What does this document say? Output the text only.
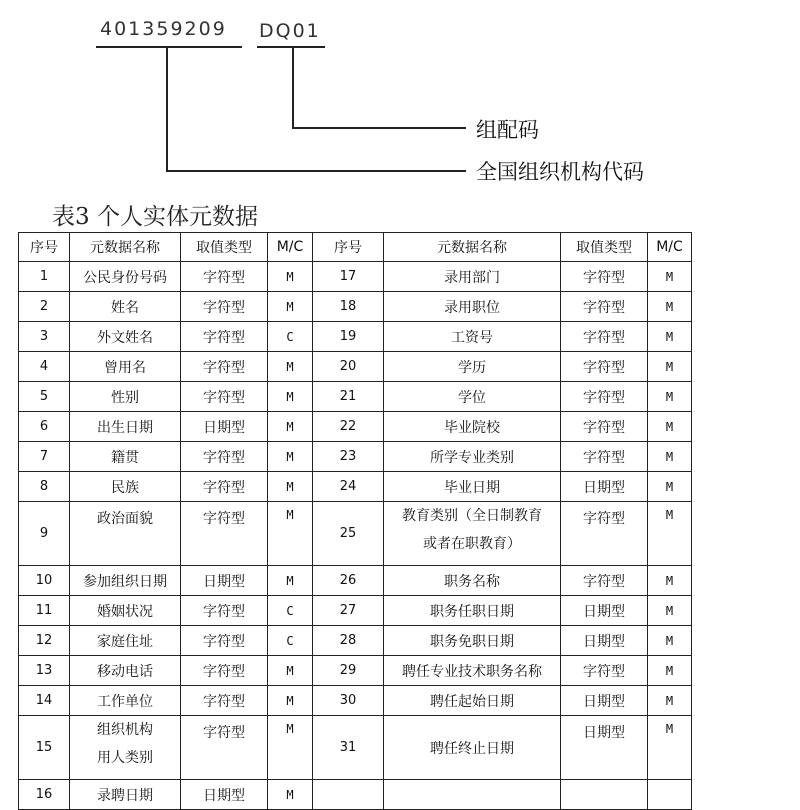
401359209 DQ01
组配码
全国组织机构代码
表3 个人实体元数据
序号	元数据名称	取值类型	M/C	序号	元数据名称	取值类型	M/C
1	公民身份号码	字符型	M	17	录用部门	字符型	M
2	姓名	字符型	M	18	录用职位	字符型	M
3	外文姓名	字符型	C	19	工资号	字符型	M
4	曾用名	字符型	M	20	学历	字符型	M
5	性别	字符型	M	21	学位	字符型	M
6	出生日期	日期型	M	22	毕业院校	字符型	M
7	籍贯	字符型	M	23	所学专业类别	字符型	M
8	民族	字符型	M	24	毕业日期	日期型	M
9	政治面貌	字符型	M	25	教育类别（全日制教育
或者在职教育）	字符型	M
10	参加组织日期	日期型	M	26	职务名称	字符型	M
11	婚姻状况	字符型	C	27	职务任职日期	日期型	M
12	家庭住址	字符型	C	28	职务免职日期	日期型	M
13	移动电话	字符型	M	29	聘任专业技术职务名称	字符型	M
14	工作单位	字符型	M	30	聘任起始日期	日期型	M
15	组织机构
用人类别	字符型	M	31	聘任终止日期	日期型	M
16	录聘日期	日期型	M				
